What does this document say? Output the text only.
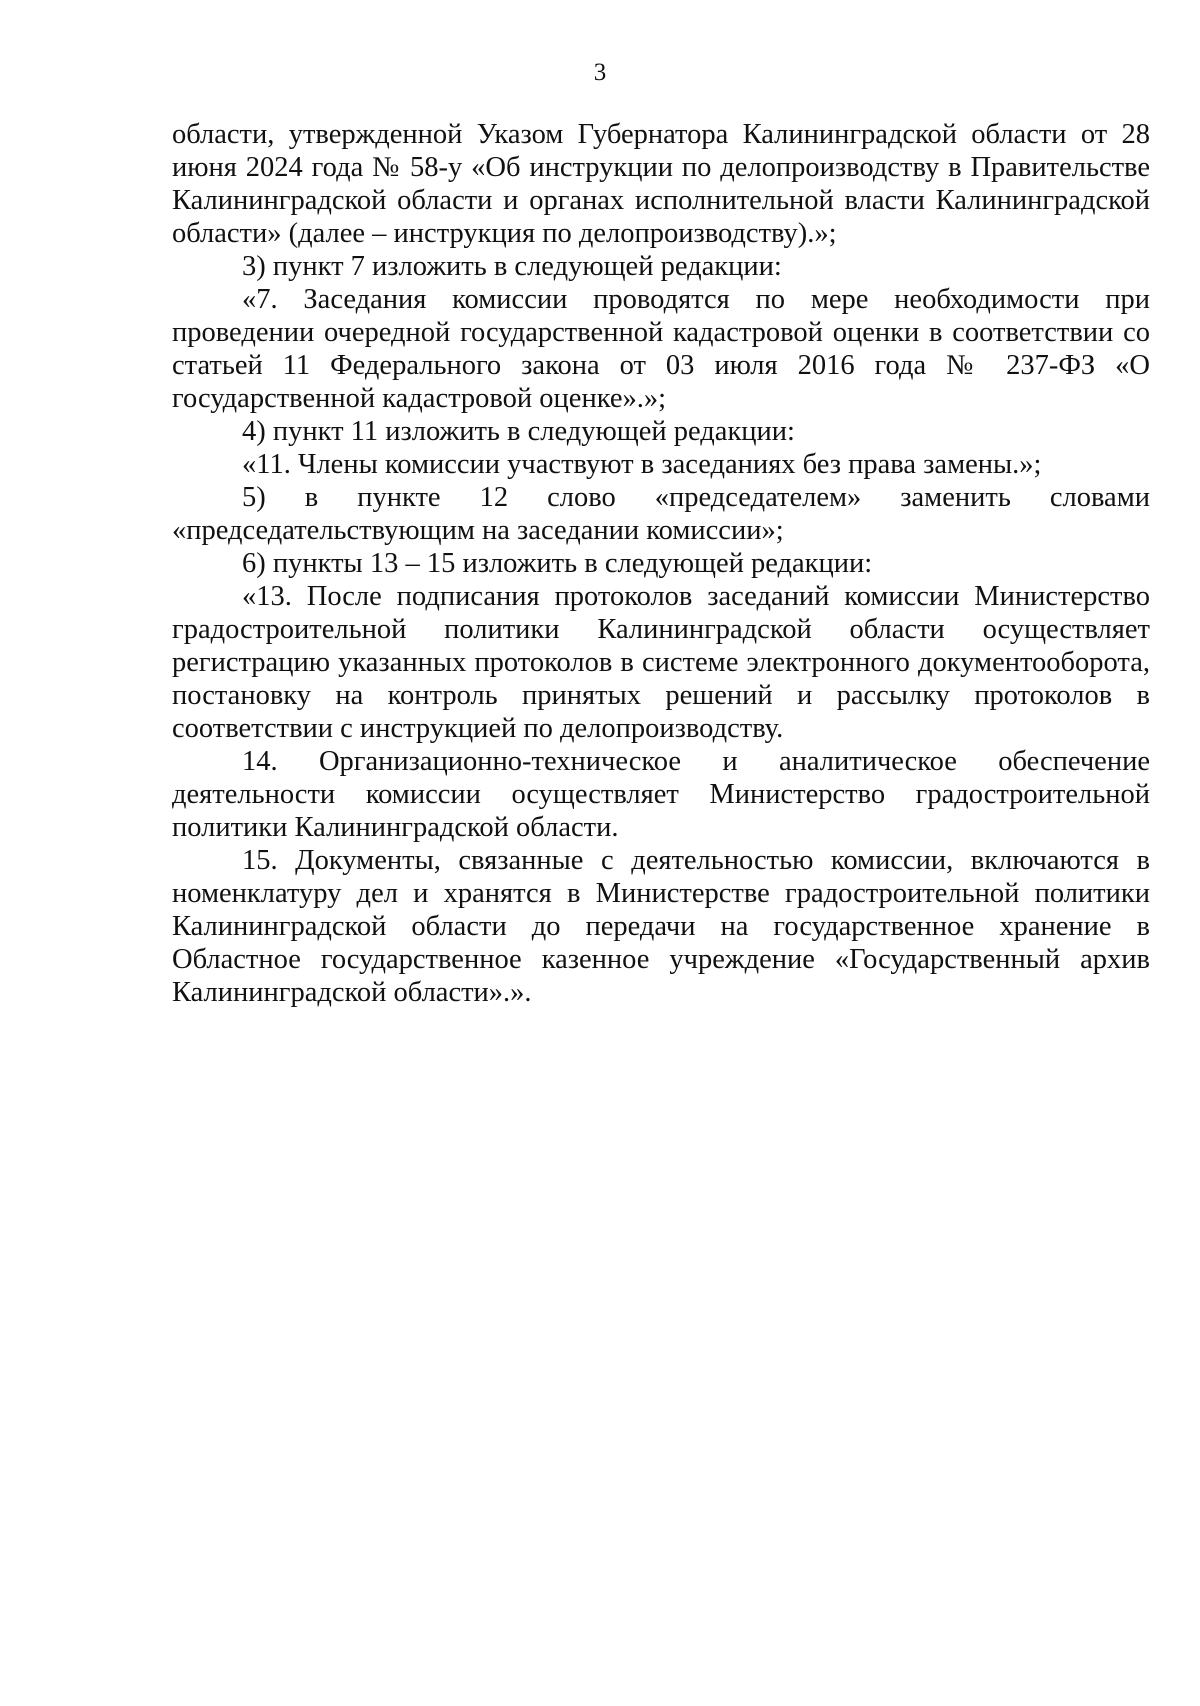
3

области, утвержденной Указом Губернатора Калининградской области от 28 июня 2024 года № 58-у «Об инструкции по делопроизводству в Правительстве Калининградской области и органах исполнительной власти Калининградской области» (далее – инструкция по делопроизводству).»;

3) пункт 7 изложить в следующей редакции:

«7. Заседания комиссии проводятся по мере необходимости при проведении очередной государственной кадастровой оценки в соответствии со статьей 11 Федерального закона от 03 июля 2016 года № 237-ФЗ «О государственной кадастровой оценке».»;

4) пункт 11 изложить в следующей редакции:

«11. Члены комиссии участвуют в заседаниях без права замены.»;

5) в пункте 12 слово «председателем» заменить словами «председательствующим на заседании комиссии»;

6) пункты 13 – 15 изложить в следующей редакции:

«13. После подписания протоколов заседаний комиссии Министерство градостроительной политики Калининградской области осуществляет регистрацию указанных протоколов в системе электронного документооборота, постановку на контроль принятых решений и рассылку протоколов в соответствии с инструкцией по делопроизводству.

14. Организационно-техническое и аналитическое обеспечение деятельности комиссии осуществляет Министерство градостроительной политики Калининградской области.

15. Документы, связанные с деятельностью комиссии, включаются в номенклатуру дел и хранятся в Министерстве градостроительной политики Калининградской области до передачи на государственное хранение в Областное государственное казенное учреждение «Государственный архив Калининградской области».».
